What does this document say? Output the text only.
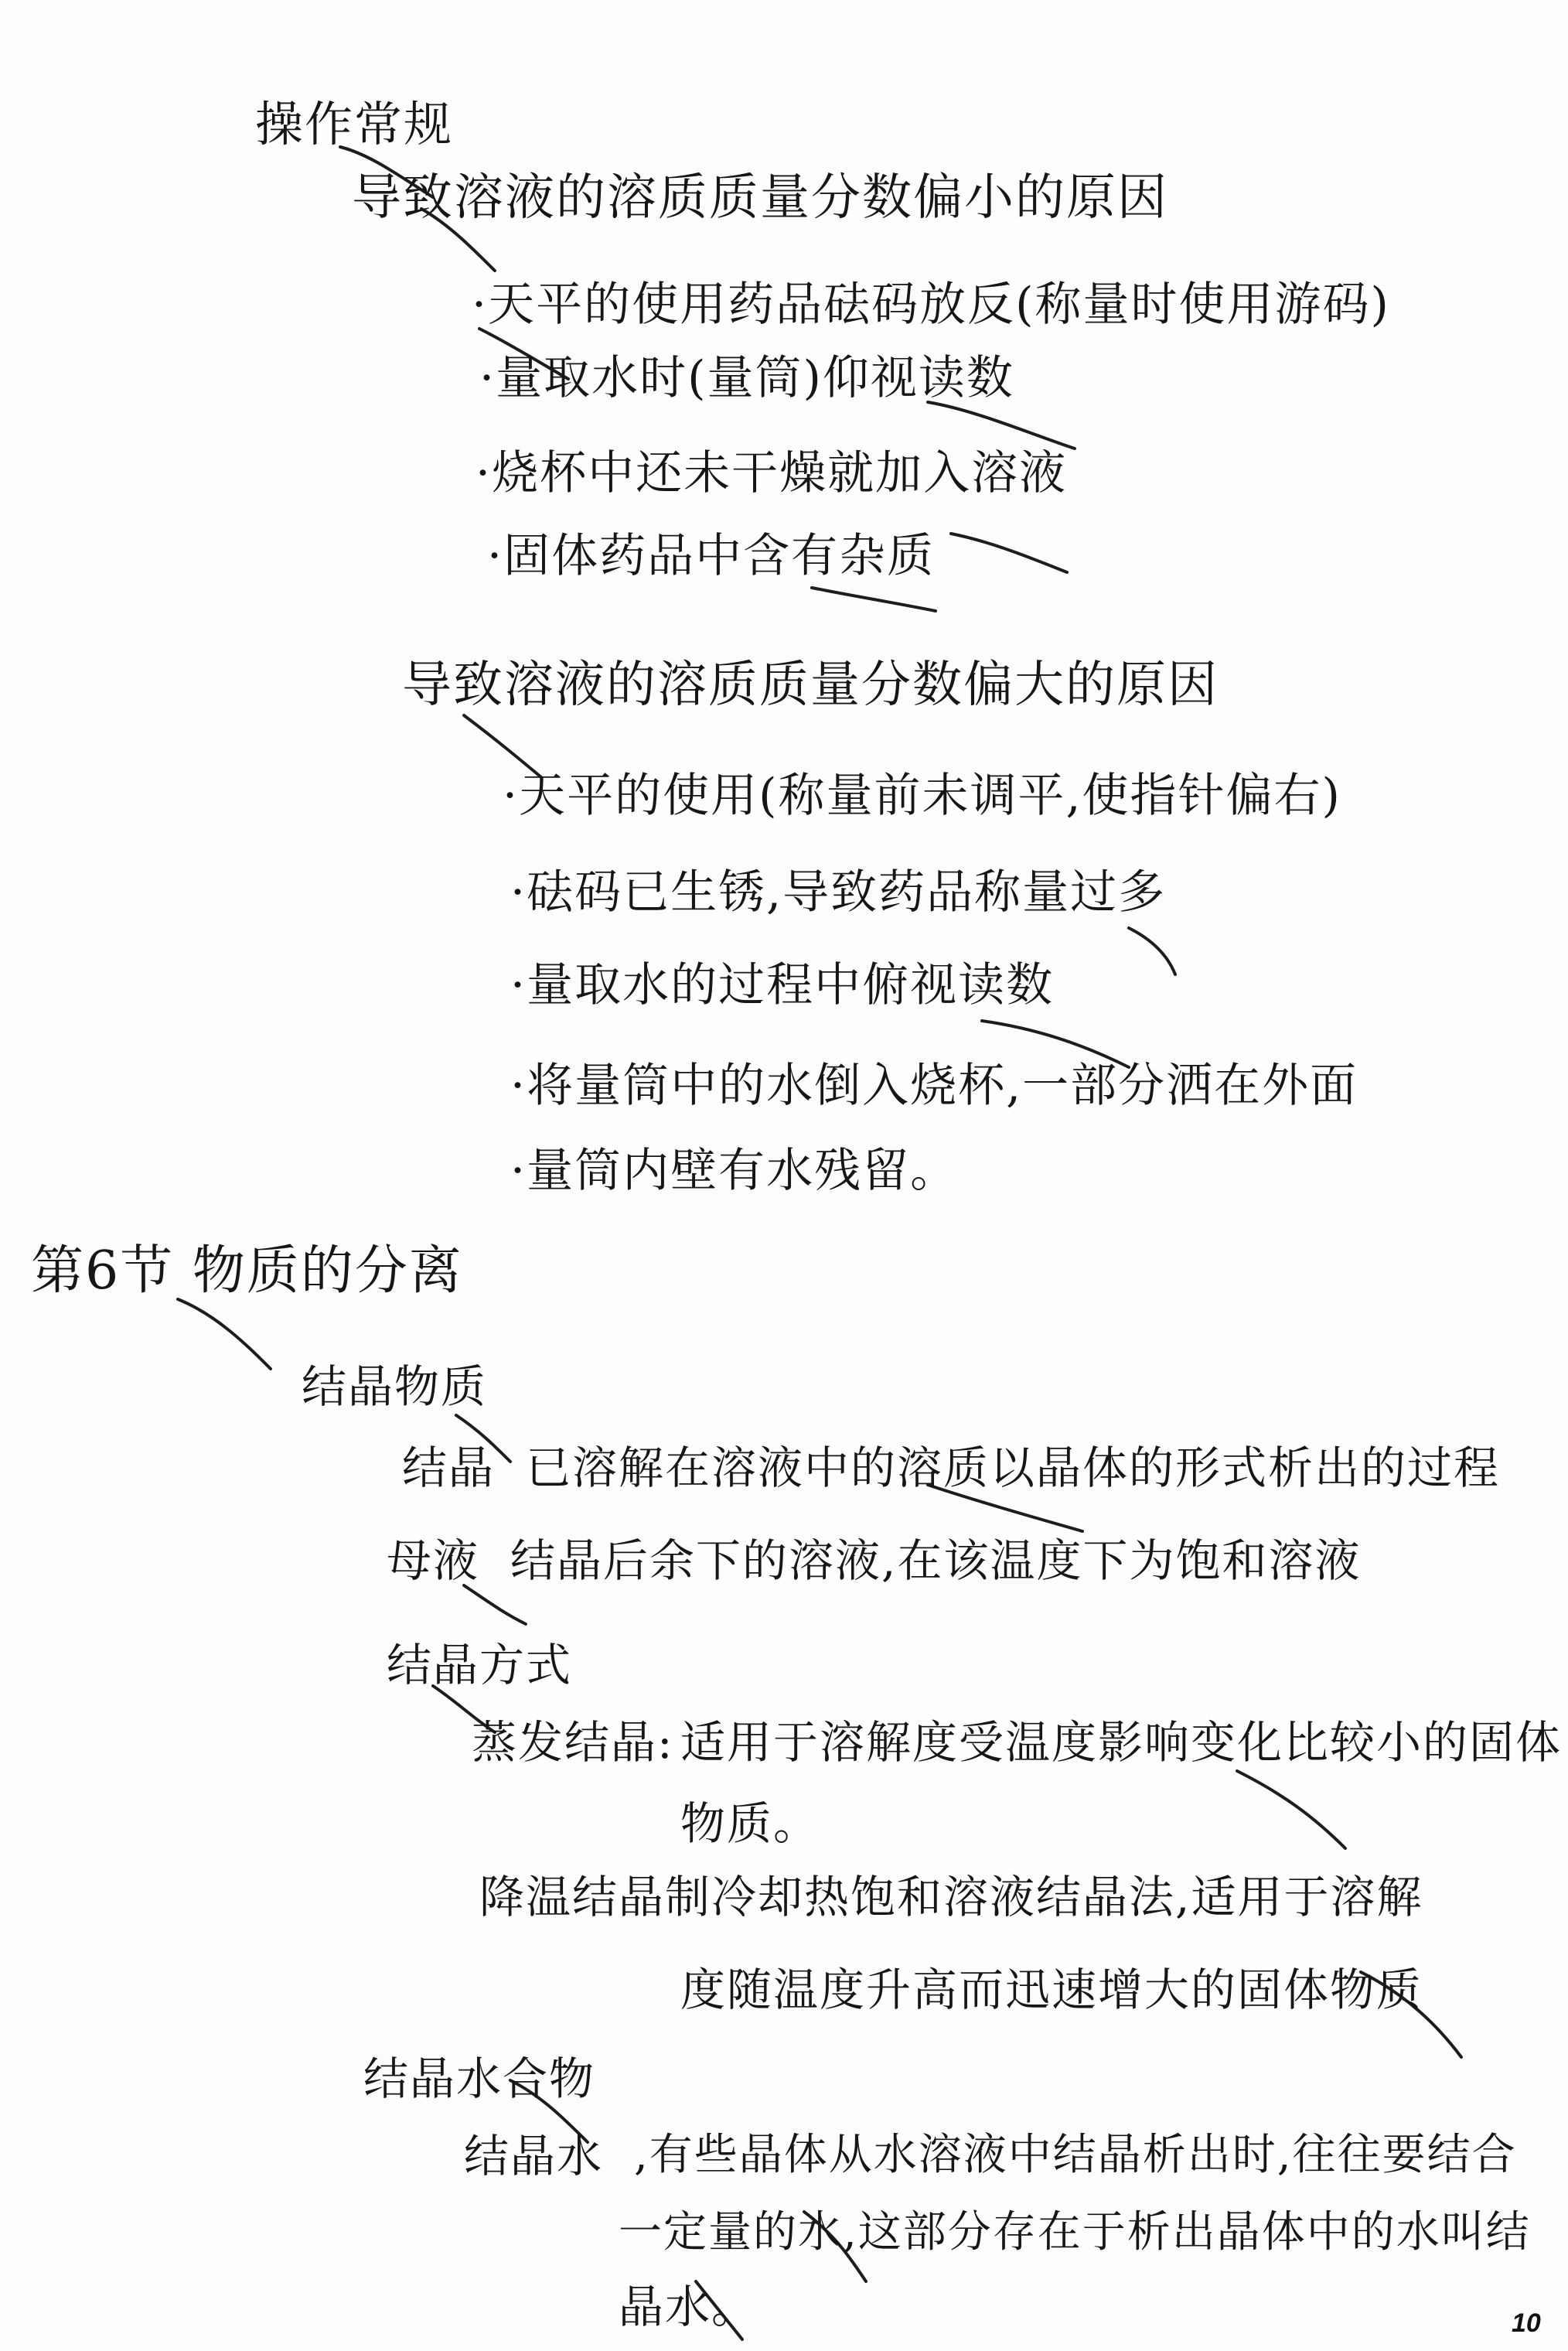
操作常规
导致溶液的溶质质量分数偏小的原因
·天平的使用药品砝码放反(称量时使用游码)
·量取水时(量筒)仰视读数
·烧杯中还未干燥就加入溶液
·固体药品中含有杂质
导致溶液的溶质质量分数偏大的原因
·天平的使用(称量前未调平,使指针偏右)
·砝码已生锈,导致药品称量过多
·量取水的过程中俯视读数
·将量筒中的水倒入烧杯,一部分洒在外面
·量筒内壁有水残留。
第6节 物质的分离
结晶物质
结晶 已溶解在溶液中的溶质以晶体的形式析出的过程
母液 结晶后余下的溶液,在该温度下为饱和溶液
结晶方式
蒸发结晶: 适用于溶解度受温度影响变化比较小的固体
物质。
降温结晶 制冷却热饱和溶液结晶法,适用于溶解
度随温度升高而迅速增大的固体物质
结晶水合物
结晶水 ,有些晶体从水溶液中结晶析出时,往往要结合
一定量的水,这部分存在于析出晶体中的水叫结
晶水。	10
